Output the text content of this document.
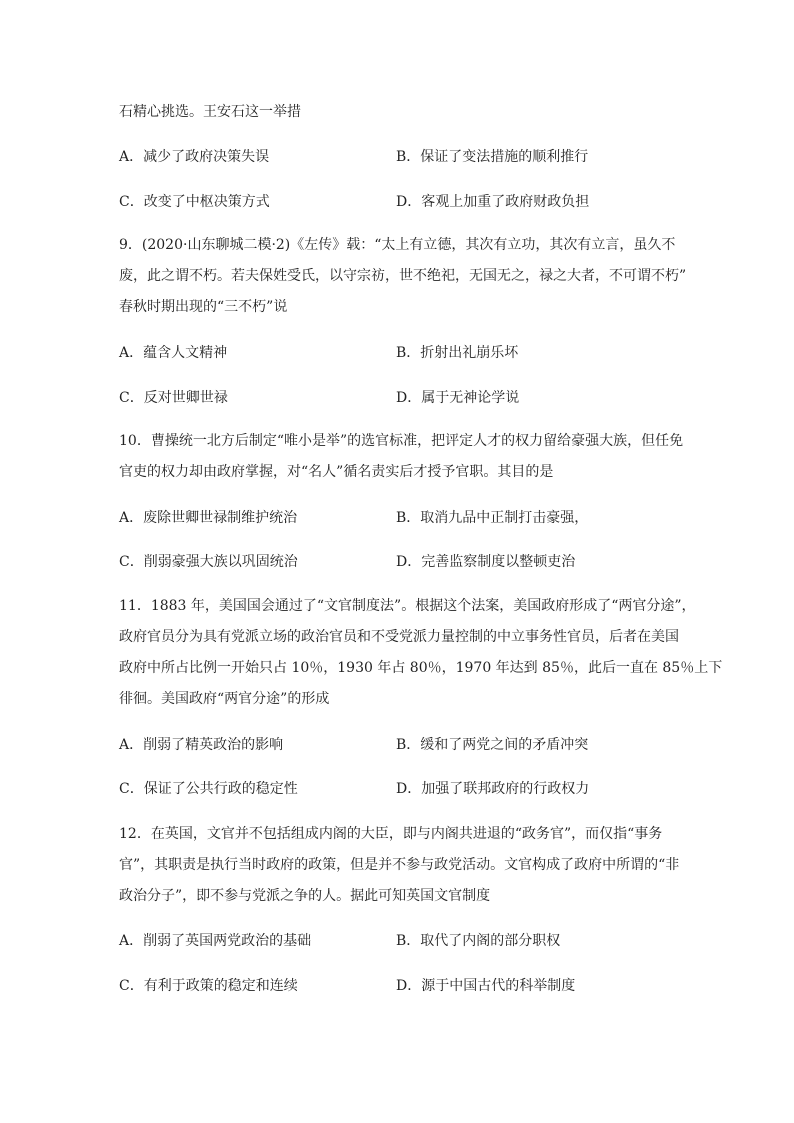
石精心挑选。王安石这一举措
A．减少了政府决策失误	B．保证了变法措施的顺利推行
C．改变了中枢决策方式	D．客观上加重了政府财政负担
9．(2020·山东聊城二模·2)《左传》载：“太上有立德，其次有立功，其次有立言，虽久不
废，此之谓不朽。若夫保姓受氏，以守宗祊，世不绝祀，无国无之，禄之大者，不可谓不朽”
春秋时期出现的“三不朽”说
A．蕴含人文精神	B．折射出礼崩乐坏
C．反对世卿世禄	D．属于无神论学说
10．曹操统一北方后制定“唯小是举”的选官标准，把评定人才的权力留给豪强大族，但任免
官吏的权力却由政府掌握，对“名人”循名责实后才授予官职。其目的是
A．废除世卿世禄制维护统治	B．取消九品中正制打击豪强，
C．削弱豪强大族以巩固统治	D．完善监察制度以整顿吏治
11．1883 年，美国国会通过了“文官制度法”。根据这个法案，美国政府形成了“两官分途”，
政府官员分为具有党派立场的政治官员和不受党派力量控制的中立事务性官员，后者在美国
政府中所占比例一开始只占 10％，1930 年占 80％，1970 年达到 85％，此后一直在 85％上下
徘徊。美国政府“两官分途”的形成
A．削弱了精英政治的影响	B．缓和了两党之间的矛盾冲突
C．保证了公共行政的稳定性	D．加强了联邦政府的行政权力
12．在英国，文官并不包括组成内阁的大臣，即与内阁共进退的“政务官”，而仅指“事务
官”，其职责是执行当时政府的政策，但是并不参与政党活动。文官构成了政府中所谓的“非
政治分子”，即不参与党派之争的人。据此可知英国文官制度
A．削弱了英国两党政治的基础	B．取代了内阁的部分职权
C．有利于政策的稳定和连续	D．源于中国古代的科举制度
